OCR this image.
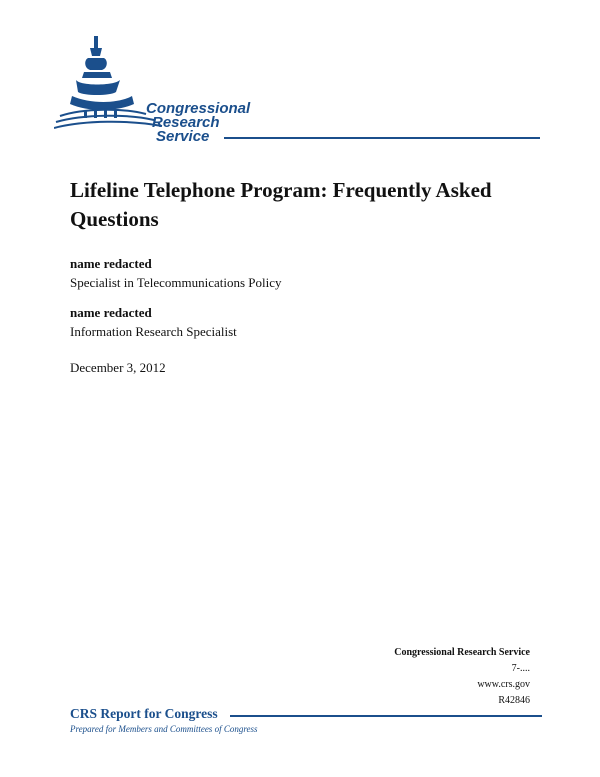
Congressional
Research
Service
Lifeline Telephone Program: Frequently Asked Questions
name redacted
Specialist in Telecommunications Policy
name redacted
Information Research Specialist
December 3, 2012
Congressional Research Service
7-....
www.crs.gov
R42846
CRS Report for Congress
Prepared for Members and Committees of Congress
